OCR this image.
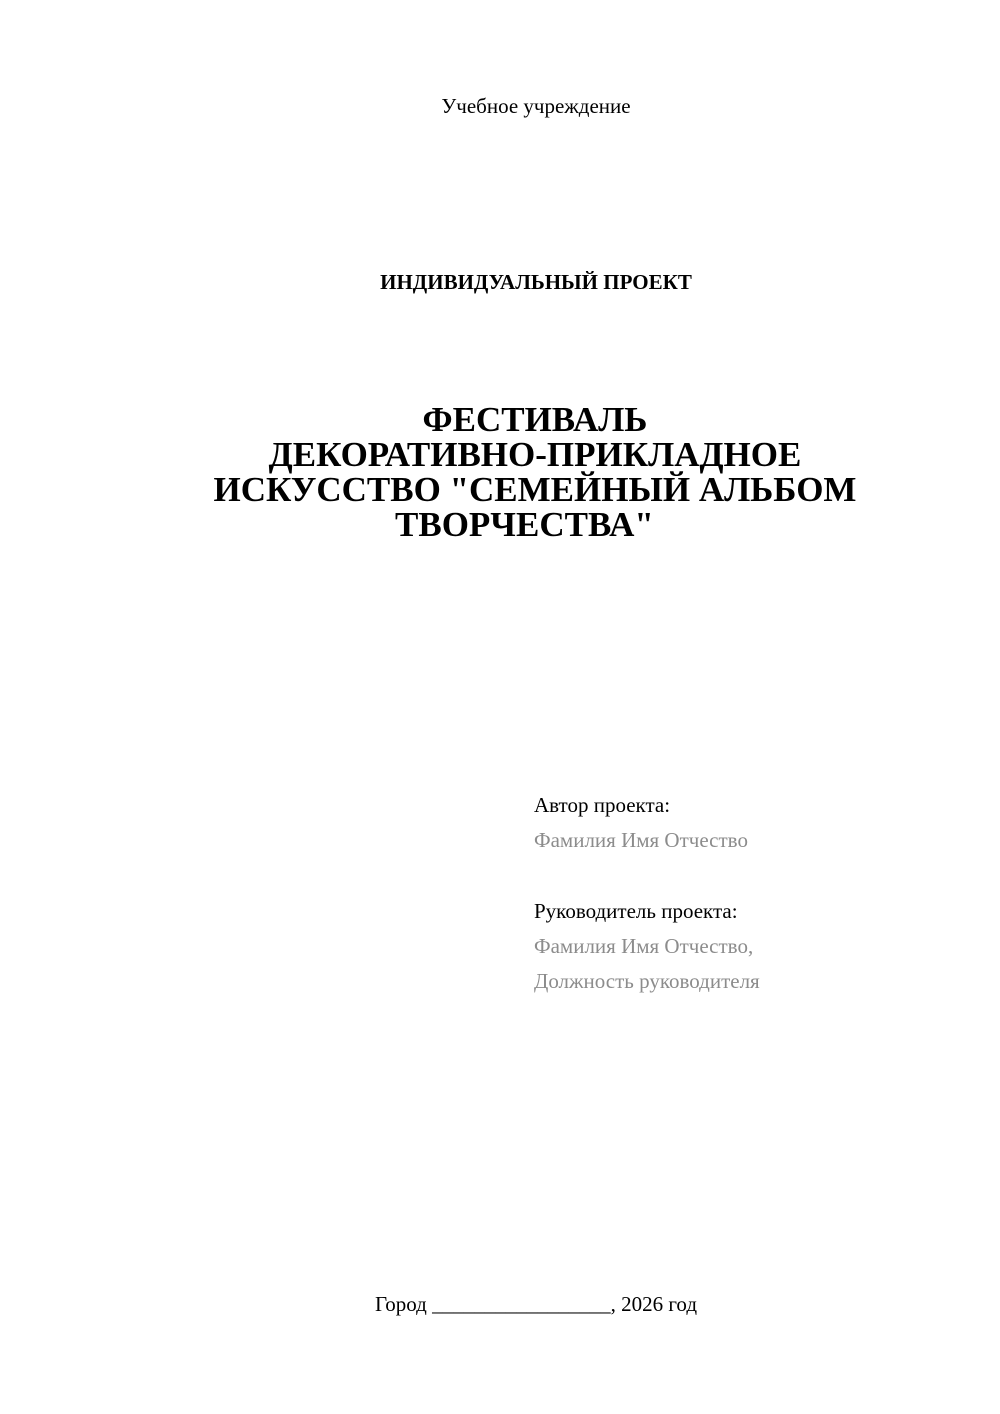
Учебное учреждение
ИНДИВИДУАЛЬНЫЙ ПРОЕКТ
ФЕСТИВАЛЬ
ДЕКОРАТИВНО-ПРИКЛАДНОЕ
ИСКУССТВО "СЕМЕЙНЫЙ АЛЬБОМ
ТВОРЧЕСТВА"
Автор проекта:
Фамилия Имя Отчество
Руководитель проекта:
Фамилия Имя Отчество,
Должность руководителя
Город _________________, 2026 год
